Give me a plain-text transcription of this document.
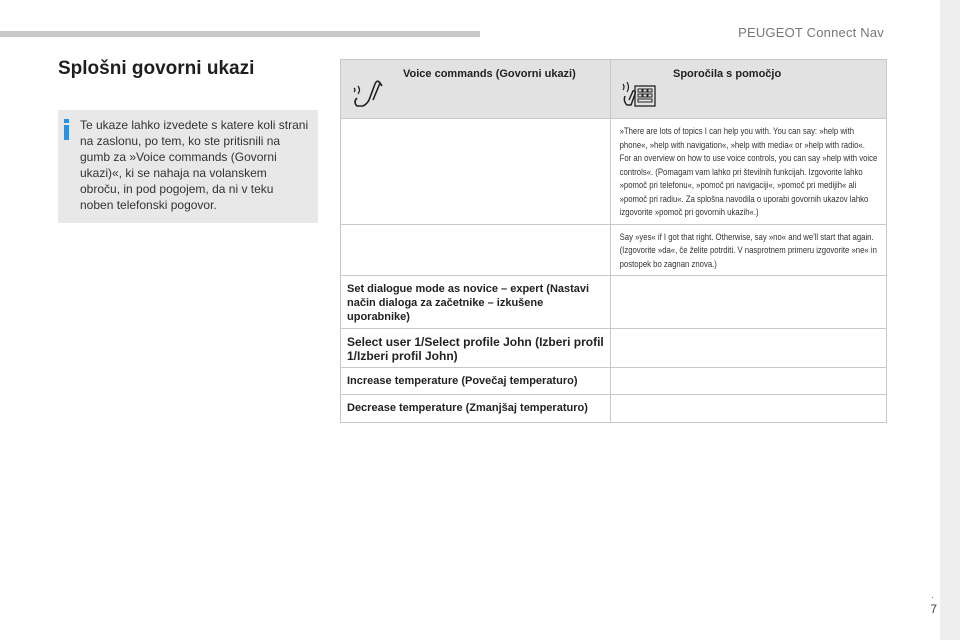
PEUGEOT Connect Nav
.
7
Splošni govorni ukazi
Te ukaze lahko izvedete s katere koli strani na zaslonu, po tem, ko ste pritisnili na gumb za »Voice commands (Govorni ukazi)«, ki se nahaja na volanskem obroču, in pod pogojem, da ni v teku noben telefonski pogovor.
Voice commands (Govorni ukazi)	Sporočila s pomočjo

	»There are lots of topics I can help you with. You can say: »help with phone«, »help with navigation«, »help with media« or »help with radio«. For an overview on how to use voice controls, you can say »help with voice controls«. (Pomagam vam lahko pri številnih funkcijah. Izgovorite lahko »pomoč pri telefonu«, »pomoč pri navigaciji«, »pomoč pri medijih« ali »pomoč pri radiu«. Za splošna navodila o uporabi govornih ukazov lahko izgovorite »pomoč pri govornih ukazih«.)

	Say »yes« if I got that right. Otherwise, say »no« and we'll start that again. (Izgovorite »da«, če želite potrditi. V nasprotnem primeru izgovorite »ne« in postopek bo zagnan znova.)

Set dialogue mode as novice – expert (Nastavi način dialoga za začetnike – izkušene uporabnike)	

Select user 1/Select profile John (Izberi profil 1/Izberi profil John)	

Increase temperature (Povečaj temperaturo)	

Decrease temperature (Zmanjšaj temperaturo)	
